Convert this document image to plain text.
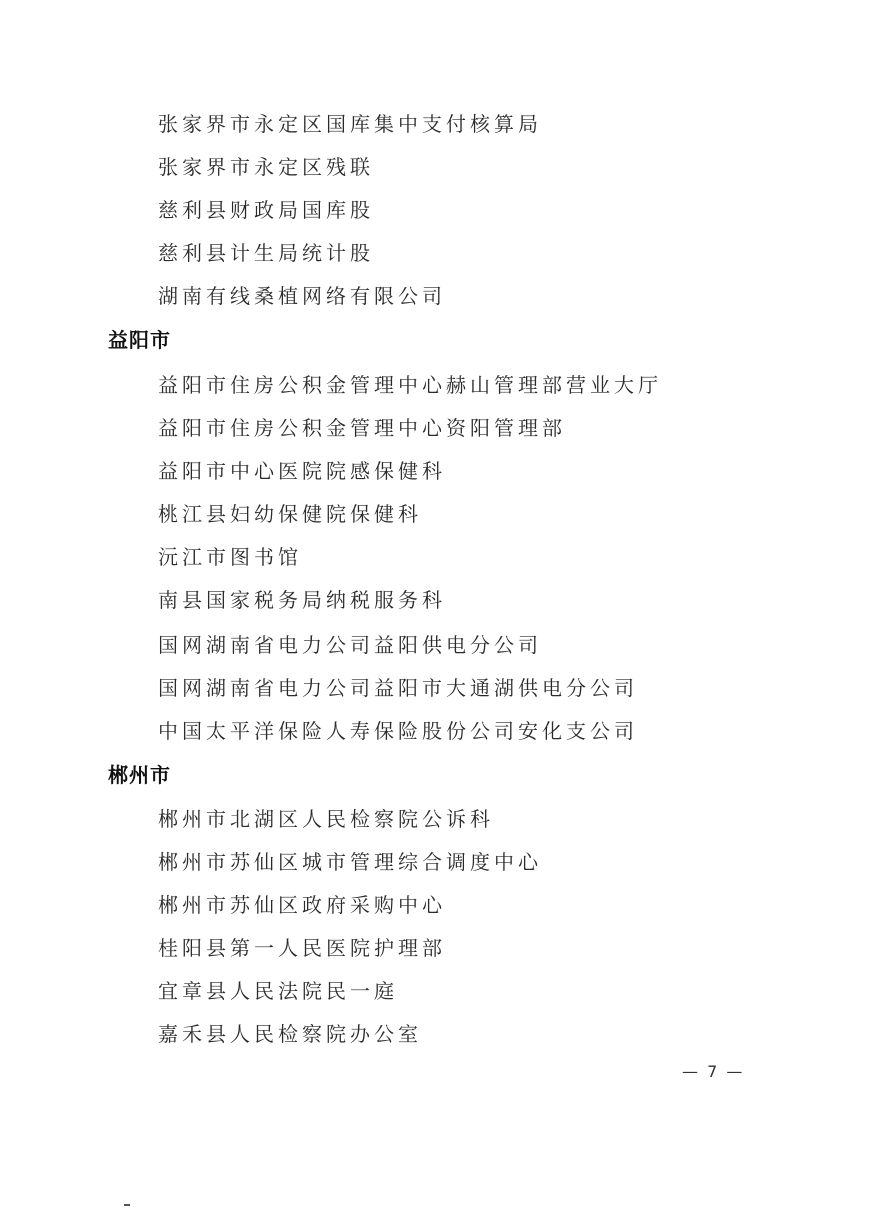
张家界市永定区国库集中支付核算局
张家界市永定区残联
慈利县财政局国库股
慈利县计生局统计股
湖南有线桑植网络有限公司
益阳市
益阳市住房公积金管理中心赫山管理部营业大厅
益阳市住房公积金管理中心资阳管理部
益阳市中心医院院感保健科
桃江县妇幼保健院保健科
沅江市图书馆
南县国家税务局纳税服务科
国网湖南省电力公司益阳供电分公司
国网湖南省电力公司益阳市大通湖供电分公司
中国太平洋保险人寿保险股份公司安化支公司
郴州市
郴州市北湖区人民检察院公诉科
郴州市苏仙区城市管理综合调度中心
郴州市苏仙区政府采购中心
桂阳县第一人民医院护理部
宜章县人民法院民一庭
嘉禾县人民检察院办公室
— 7 —
